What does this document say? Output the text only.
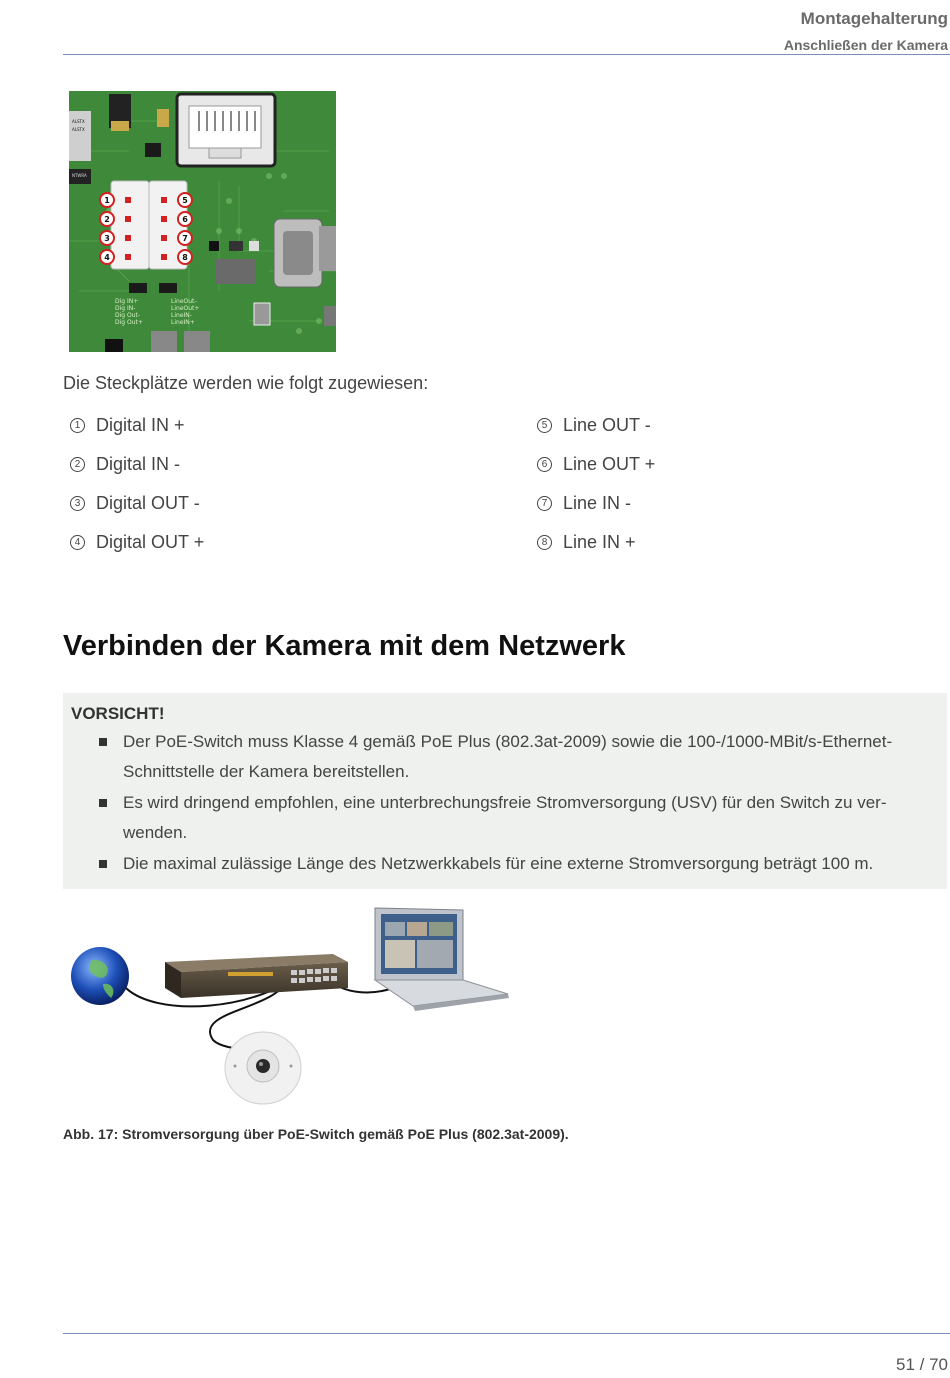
Montagehalterung
Anschließen der Kamera
ALSTX
ALSTX
NTWRA
1
2
3
4
5
6
7
8
Dig IN+
Dig IN-
Dig Out-
Dig Out+
LineOut-
LineOut+
LineIN-
LineIN+
Die Steckplätze werden wie folgt zugewiesen:
1 Digital IN +
2 Digital IN -
3 Digital OUT -
4 Digital OUT +
5 Line OUT -
6 Line OUT +
7 Line IN -
8 Line IN +
Verbinden der Kamera mit dem Netzwerk
VORSICHT!
Der PoE-Switch muss Klasse 4 gemäß PoE Plus (802.3at-2009) sowie die 100-/1000-MBit/s-Ethernet-Schnittstelle der Kamera bereitstellen.
Es wird dringend empfohlen, eine unterbrechungsfreie Stromversorgung (USV) für den Switch zu verwenden.
Die maximal zulässige Länge des Netzwerkkabels für eine externe Stromversorgung beträgt 100 m.
Abb. 17: Stromversorgung über PoE-Switch gemäß PoE Plus (802.3at-2009).
51 / 70
